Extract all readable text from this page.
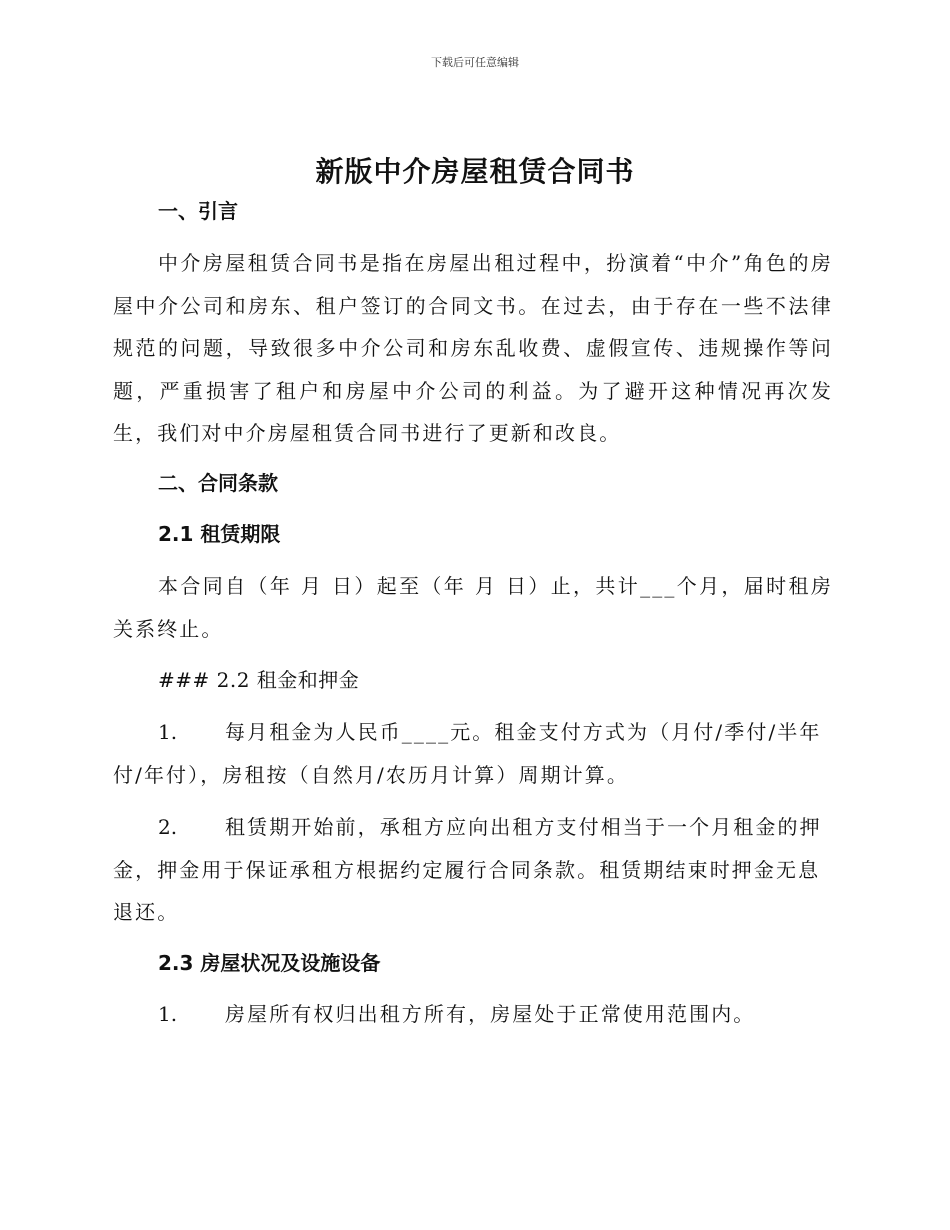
下载后可任意编辑
新版中介房屋租赁合同书
一、引言
中介房屋租赁合同书是指在房屋出租过程中，扮演着“中介”角色的房屋中介公司和房东、租户签订的合同文书。在过去，由于存在一些不法律规范的问题，导致很多中介公司和房东乱收费、虚假宣传、违规操作等问题，严重损害了租户和房屋中介公司的利益。为了避开这种情况再次发生，我们对中介房屋租赁合同书进行了更新和改良。
二、合同条款
2.1 租赁期限
本合同自（年 月 日）起至（年 月 日）止，共计___个月，届时租房关系终止。
### 2.2 租金和押金
1. 每月租金为人民币____元。租金支付方式为（月付/季付/半年付/年付），房租按（自然月/农历月计算）周期计算。
2. 租赁期开始前，承租方应向出租方支付相当于一个月租金的押金，押金用于保证承租方根据约定履行合同条款。租赁期结束时押金无息退还。
2.3 房屋状况及设施设备
1. 房屋所有权归出租方所有，房屋处于正常使用范围内。
